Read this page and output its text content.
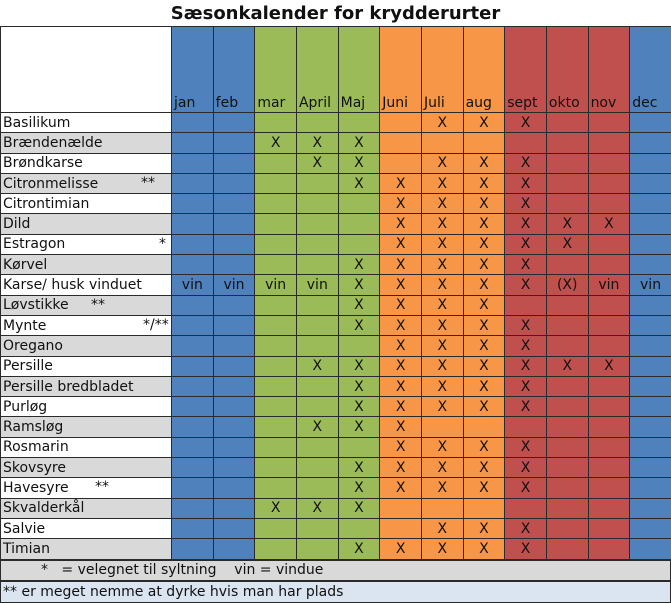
Sæsonkalender for krydderurter
	jan	feb	mar	April	Maj	Juni	Juli	aug	sept	okto	nov	dec
Basilikum							X	X	X			
Brændenælde			X	X	X							
Brøndkarse				X	X		X	X	X			
Citronmelisse **					X	X	X	X	X			
Citrontimian						X	X	X	X			
Dild						X	X	X	X	X	X	
Estragon *						X	X	X	X	X		
Kørvel					X	X	X	X	X			
Karse/ husk vinduet	vin	vin	vin	vin	X	X	X	X	X	(X)	vin	vin
Løvstikke **					X	X	X	X				
Mynte */**					X	X	X	X	X			
Oregano						X	X	X	X			
Persille				X	X	X	X	X	X	X	X	
Persille bredbladet					X	X	X	X	X			
Purløg					X	X	X	X	X			
Ramsløg				X	X	X						
Rosmarin						X	X	X	X			
Skovsyre					X	X	X	X	X			
Havesyre **					X	X	X	X	X			
Skvalderkål			X	X	X							
Salvie							X	X	X			
Timian					X	X	X	X	X			
*   = velegnet til syltning    vin = vindue
** er meget nemme at dyrke hvis man har plads
